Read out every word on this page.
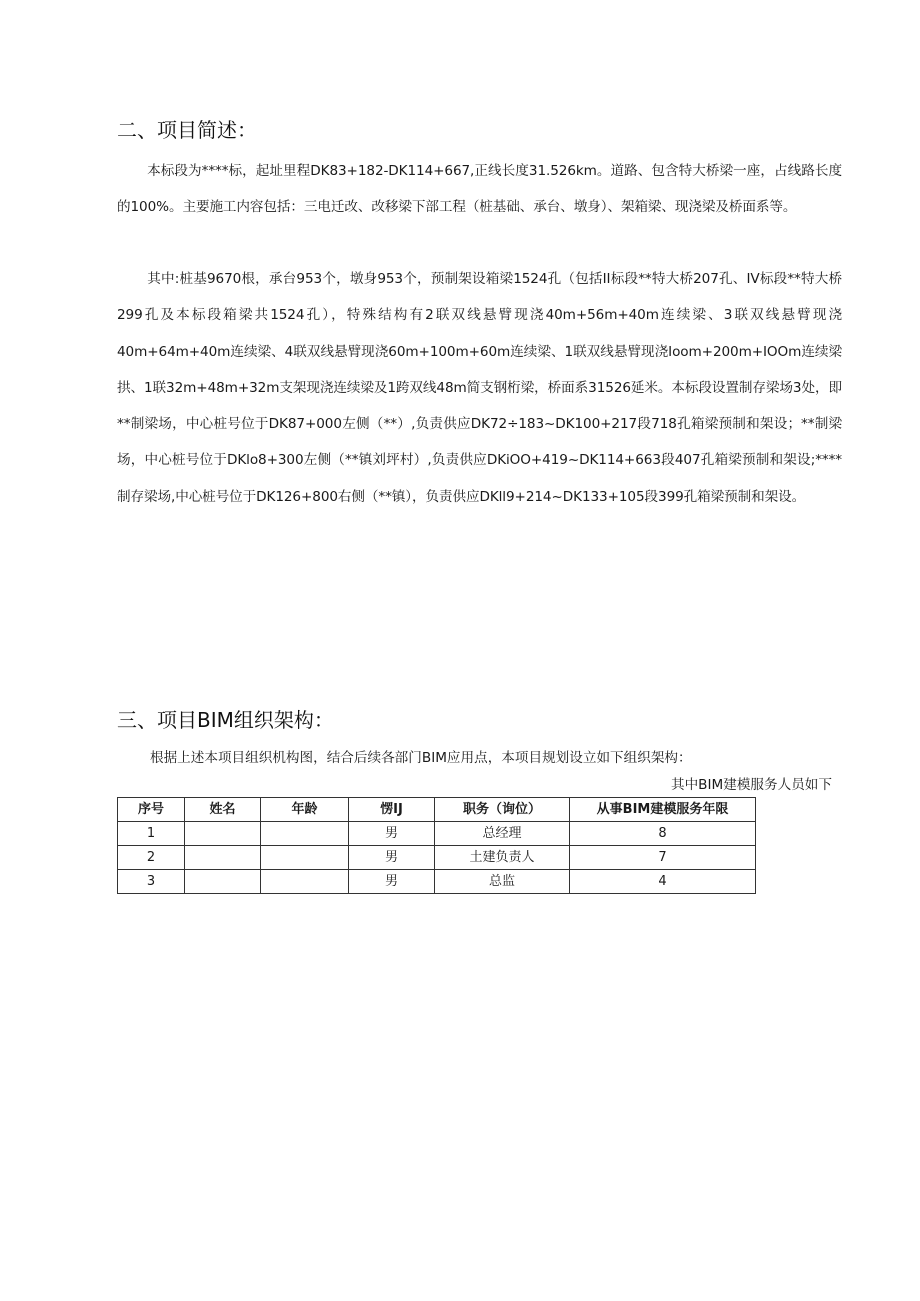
二、项目简述：

本标段为****标，起址里程DK83+182-DK114+667,正线长度31.526km。道路、包含特大桥梁一座，占线路长度的100%。主要施工内容包括：三电迁改、改移梁下部工程（桩基础、承台、墩身）、架箱梁、现浇梁及桥面系等。

其中:桩基9670根，承台953个，墩身953个，预制架设箱梁1524孔（包括II标段**特大桥207孔、IV标段**特大桥299孔及本标段箱梁共1524孔），特殊结构有2联双线悬臂现浇40m+56m+40m连续梁、3联双线悬臂现浇40m+64m+40m连续梁、4联双线悬臂现浇60m+100m+60m连续梁、1联双线悬臂现浇Ioom+200m+IOOm连续梁拱、1联32m+48m+32m支架现浇连续梁及1跨双线48m简支钢桁梁，桥面系31526延米。本标段设置制存梁场3处，即**制梁场，中心桩号位于DK87+000左侧（**）,负责供应DK72÷183~DK100+217段718孔箱梁预制和架设；**制梁场，中心桩号位于DKlo8+300左侧（**镇刘坪村）,负责供应DKiOO+419~DK114+663段407孔箱梁预制和架设;****制存梁场,中心桩号位于DK126+800右侧（**镇），负责供应DKll9+214~DK133+105段399孔箱梁预制和架设。

三、项目BIM组织架构：
根据上述本项目组织机构图，结合后续各部门BIM应用点，本项目规划设立如下组织架构：
其中BIM建模服务人员如下
序号	姓名	年龄	愣IJ	职务（询位）	从事BIM建模服务年限
1			男	总经理	8
2			男	土建负责人	7
3			男	总监	4
